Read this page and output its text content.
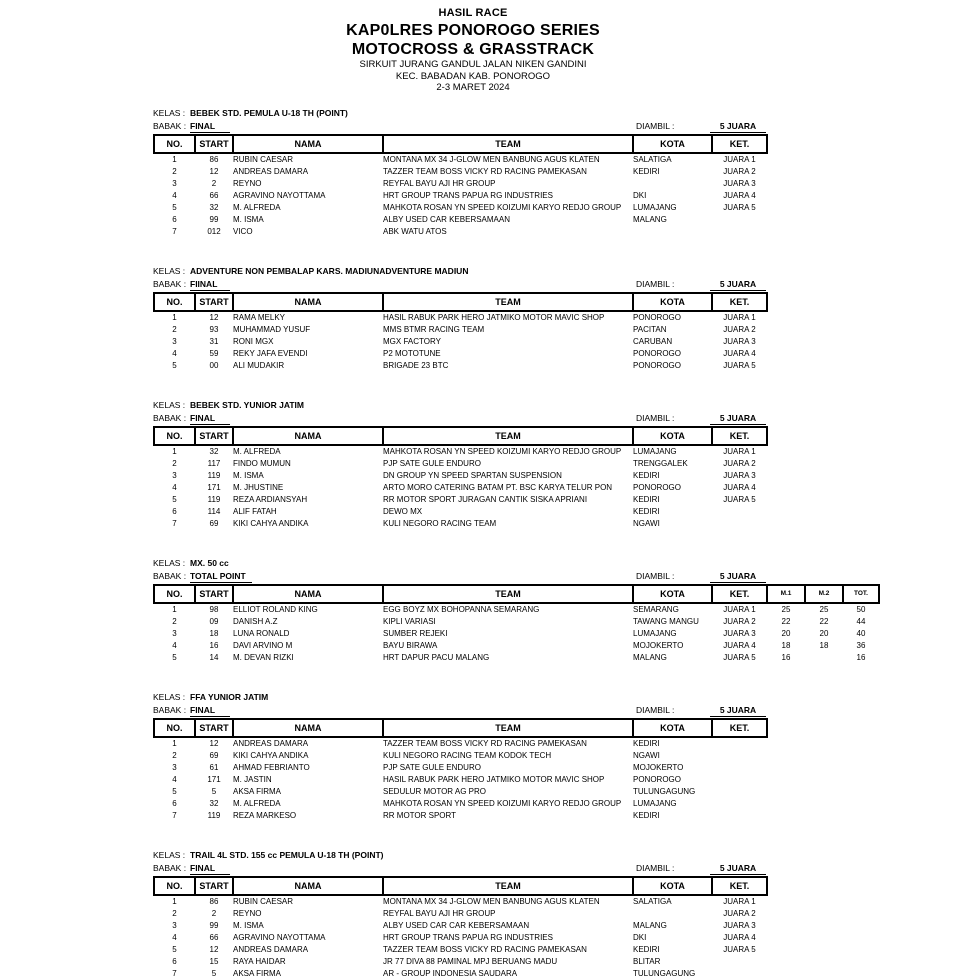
HASIL RACE
KAP0LRES PONOROGO SERIES
MOTOCROSS & GRASSTRACK
SIRKUIT JURANG GANDUL JALAN NIKEN GANDINI
KEC. BABADAN KAB. PONOROGO
2-3 MARET 2024
KELAS : BEBEK STD. PEMULA U-18 TH (POINT)
BABAK : FINAL	DIAMBIL :	5 JUARA
NO.	START	NAMA	TEAM	KOTA	KET.
1	86	RUBIN CAESAR	MONTANA MX 34 J-GLOW MEN BANBUNG AGUS KLATEN	SALATIGA	JUARA 1
2	12	ANDREAS DAMARA	TAZZER TEAM BOSS VICKY RD RACING PAMEKASAN	KEDIRI	JUARA 2
3	2	REYNO	REYFAL BAYU AJI HR GROUP		JUARA 3
4	66	AGRAVINO NAYOTTAMA	HRT GROUP TRANS PAPUA RG INDUSTRIES	DKI	JUARA 4
5	32	M. ALFREDA	MAHKOTA ROSAN YN SPEED KOIZUMI KARYO REDJO GROUP	LUMAJANG	JUARA 5
6	99	M. ISMA	ALBY USED CAR KEBERSAMAAN	MALANG	
7	012	VICO	ABK WATU ATOS		
KELAS : ADVENTURE NON PEMBALAP KARS. MADIUNADVENTURE MADIUN
BABAK : FIINAL	DIAMBIL :	5 JUARA
NO.	START	NAMA	TEAM	KOTA	KET.
1	12	RAMA MELKY	HASIL RABUK PARK HERO JATMIKO MOTOR MAVIC SHOP	PONOROGO	JUARA 1
2	93	MUHAMMAD YUSUF	MMS BTMR RACING TEAM	PACITAN	JUARA 2
3	31	RONI MGX	MGX FACTORY	CARUBAN	JUARA 3
4	59	REKY JAFA EVENDI	P2 MOTOTUNE	PONOROGO	JUARA 4
5	00	ALI MUDAKIR	BRIGADE 23 BTC	PONOROGO	JUARA 5
KELAS : BEBEK STD. YUNIOR JATIM
BABAK : FINAL	DIAMBIL :	5 JUARA
NO.	START	NAMA	TEAM	KOTA	KET.
1	32	M. ALFREDA	MAHKOTA ROSAN YN SPEED KOIZUMI KARYO REDJO GROUP	LUMAJANG	JUARA 1
2	117	FINDO MUMUN	PJP SATE GULE ENDURO	TRENGGALEK	JUARA 2
3	119	M. ISMA	DN GROUP YN SPEED SPARTAN SUSPENSION	KEDIRI	JUARA 3
4	171	M. JHUSTINE	ARTO MORO CATERING BATAM PT. BSC KARYA TELUR PON	PONOROGO	JUARA 4
5	119	REZA ARDIANSYAH	RR MOTOR SPORT JURAGAN CANTIK SISKA APRIANI	KEDIRI	JUARA 5
6	114	ALIF FATAH	DEWO MX	KEDIRI	
7	69	KIKI CAHYA ANDIKA	KULI NEGORO RACING TEAM	NGAWI	
KELAS : MX. 50 cc
BABAK : TOTAL POINT	DIAMBIL :	5 JUARA
NO.	START	NAMA	TEAM	KOTA	KET.	M.1	M.2	TOT.
1	98	ELLIOT ROLAND KING	EGG BOYZ MX BOHOPANNA SEMARANG	SEMARANG	JUARA 1	25	25	50
2	09	DANISH A.Z	KIPLI VARIASI	TAWANG MANGU	JUARA 2	22	22	44
3	18	LUNA RONALD	SUMBER REJEKI	LUMAJANG	JUARA 3	20	20	40
4	16	DAVI ARVINO M	BAYU BIRAWA	MOJOKERTO	JUARA 4	18	18	36
5	14	M. DEVAN RIZKI	HRT DAPUR PACU MALANG	MALANG	JUARA 5	16		16
KELAS : FFA YUNIOR JATIM
BABAK : FINAL	DIAMBIL :	5 JUARA
NO.	START	NAMA	TEAM	KOTA	KET.
1	12	ANDREAS DAMARA	TAZZER TEAM BOSS VICKY RD RACING PAMEKASAN	KEDIRI	
2	69	KIKI CAHYA ANDIKA	KULI NEGORO RACING TEAM KODOK TECH	NGAWI	
3	61	AHMAD FEBRIANTO	PJP SATE GULE ENDURO	MOJOKERTO	
4	171	M. JASTIN	HASIL RABUK PARK HERO JATMIKO MOTOR MAVIC SHOP	PONOROGO	
5	5	AKSA FIRMA	SEDULUR MOTOR AG PRO	TULUNGAGUNG	
6	32	M. ALFREDA	MAHKOTA ROSAN YN SPEED KOIZUMI KARYO REDJO GROUP	LUMAJANG	
7	119	REZA MARKESO	RR MOTOR SPORT	KEDIRI	
KELAS : TRAIL 4L STD. 155 cc PEMULA U-18 TH (POINT)
BABAK : FINAL	DIAMBIL :	5 JUARA
NO.	START	NAMA	TEAM	KOTA	KET.
1	86	RUBIN CAESAR	MONTANA MX 34 J-GLOW MEN BANBUNG AGUS KLATEN	SALATIGA	JUARA 1
2	2	REYNO	REYFAL BAYU AJI HR GROUP		JUARA 2
3	99	M. ISMA	ALBY USED CAR CAR KEBERSAMAAN	MALANG	JUARA 3
4	66	AGRAVINO NAYOTTAMA	HRT GROUP TRANS PAPUA RG INDUSTRIES	DKI	JUARA 4
5	12	ANDREAS DAMARA	TAZZER TEAM BOSS VICKY RD RACING PAMEKASAN	KEDIRI	JUARA 5
6	15	RAYA HAIDAR	JR 77 DIVA 88 PAMINAL MPJ BERUANG MADU	BLITAR	
7	5	AKSA FIRMA	AR - GROUP INDONESIA SAUDARA	TULUNGAGUNG	
